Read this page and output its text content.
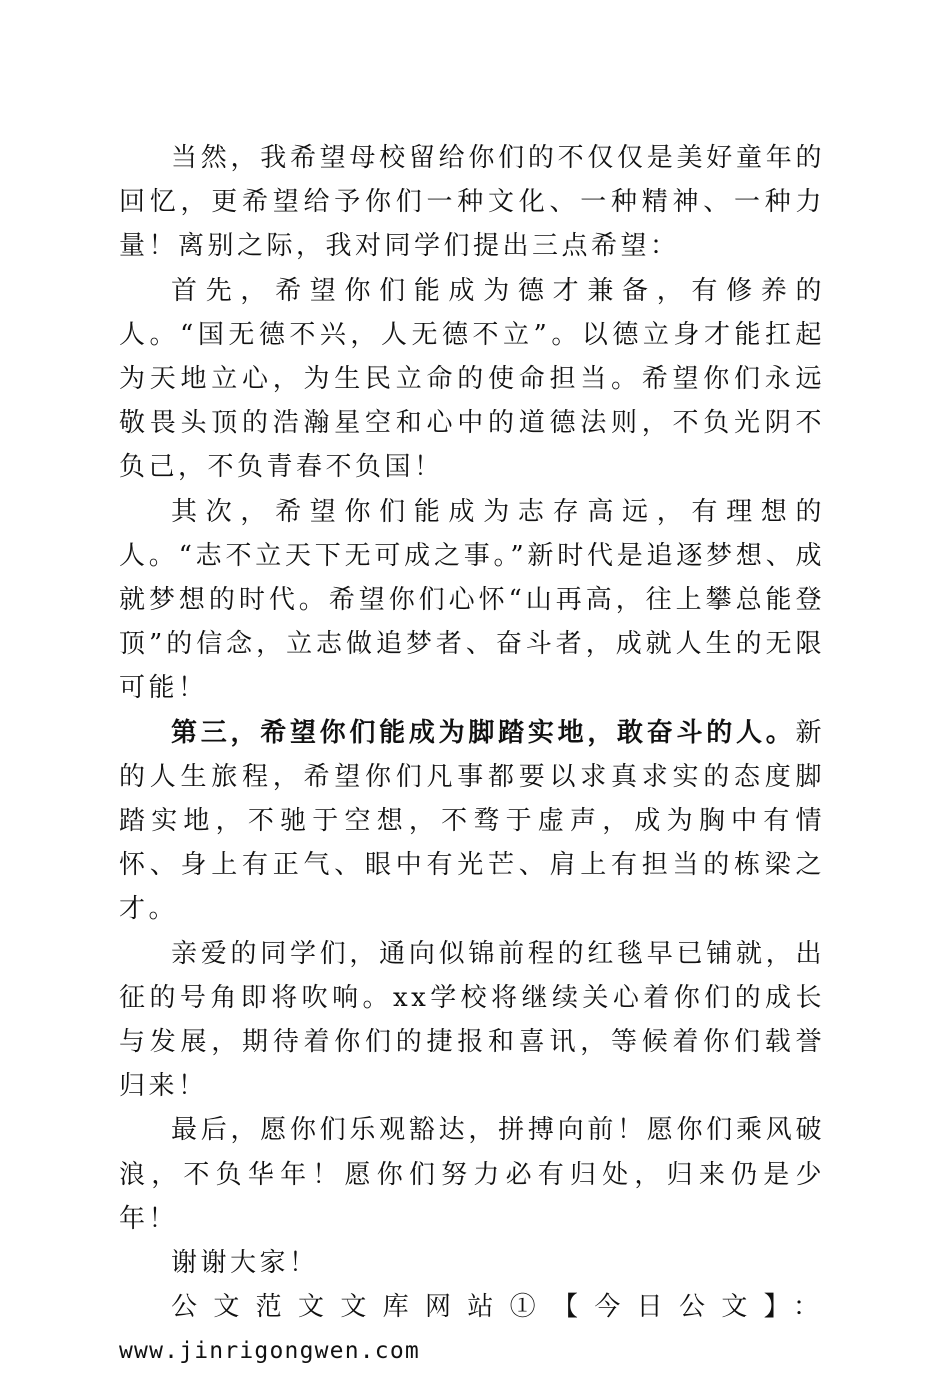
当然，我希望母校留给你们的不仅仅是美好童年的回忆，更希望给予你们一种文化、一种精神、一种力量！离别之际，我对同学们提出三点希望：

首先，希望你们能成为德才兼备，有修养的人。“国无德不兴，人无德不立”。以德立身才能扛起为天地立心，为生民立命的使命担当。希望你们永远敬畏头顶的浩瀚星空和心中的道德法则，不负光阴不负己，不负青春不负国！

其次，希望你们能成为志存高远，有理想的人。“志不立天下无可成之事。”新时代是追逐梦想、成就梦想的时代。希望你们心怀“山再高，往上攀总能登顶”的信念，立志做追梦者、奋斗者，成就人生的无限可能！

第三，希望你们能成为脚踏实地，敢奋斗的人。新的人生旅程，希望你们凡事都要以求真求实的态度脚踏实地，不驰于空想，不骛于虚声，成为胸中有情怀、身上有正气、眼中有光芒、肩上有担当的栋梁之才。

亲爱的同学们，通向似锦前程的红毯早已铺就，出征的号角即将吹响。xx学校将继续关心着你们的成长与发展，期待着你们的捷报和喜讯，等候着你们载誉归来！

最后，愿你们乐观豁达，拼搏向前！愿你们乘风破浪，不负华年！愿你们努力必有归处，归来仍是少年！

谢谢大家！

公文范文文库网站①【今日公文】：

www.jinrigongwen.com
